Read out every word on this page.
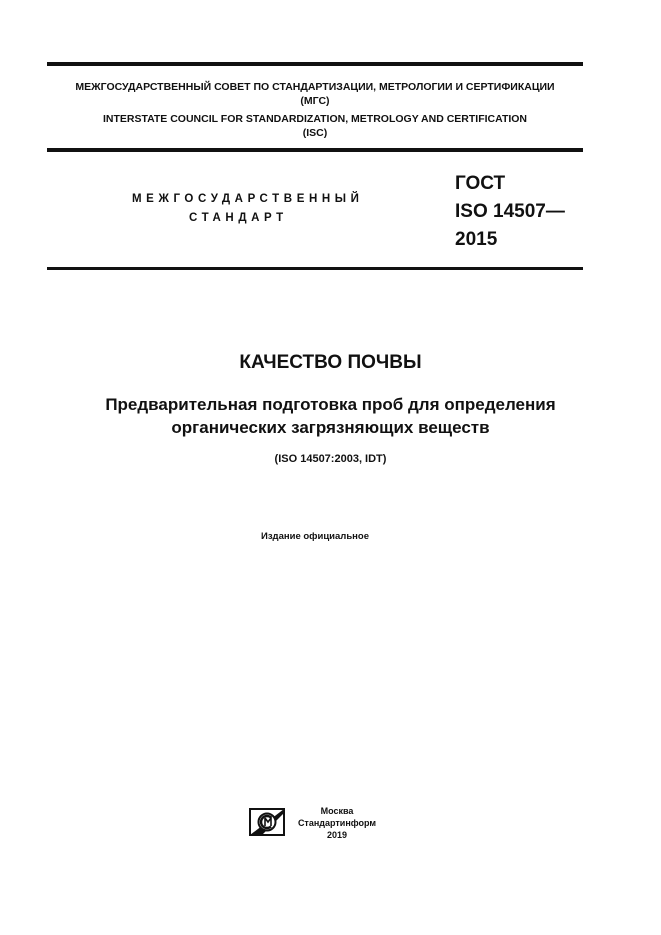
МЕЖГОСУДАРСТВЕННЫЙ СОВЕТ ПО СТАНДАРТИЗАЦИИ, МЕТРОЛОГИИ И СЕРТИФИКАЦИИ
(МГС)
INTERSTATE COUNCIL FOR STANDARDIZATION, METROLOGY AND CERTIFICATION
(ISC)
МЕЖГОСУДАРСТВЕННЫЙ
СТАНДАРТ
ГОСТ
ISO 14507—
2015
КАЧЕСТВО ПОЧВЫ
Предварительная подготовка проб для определения
органических загрязняющих веществ
(ISO 14507:2003, IDT)
Издание официальное
Москва
Стандартинформ
2019
